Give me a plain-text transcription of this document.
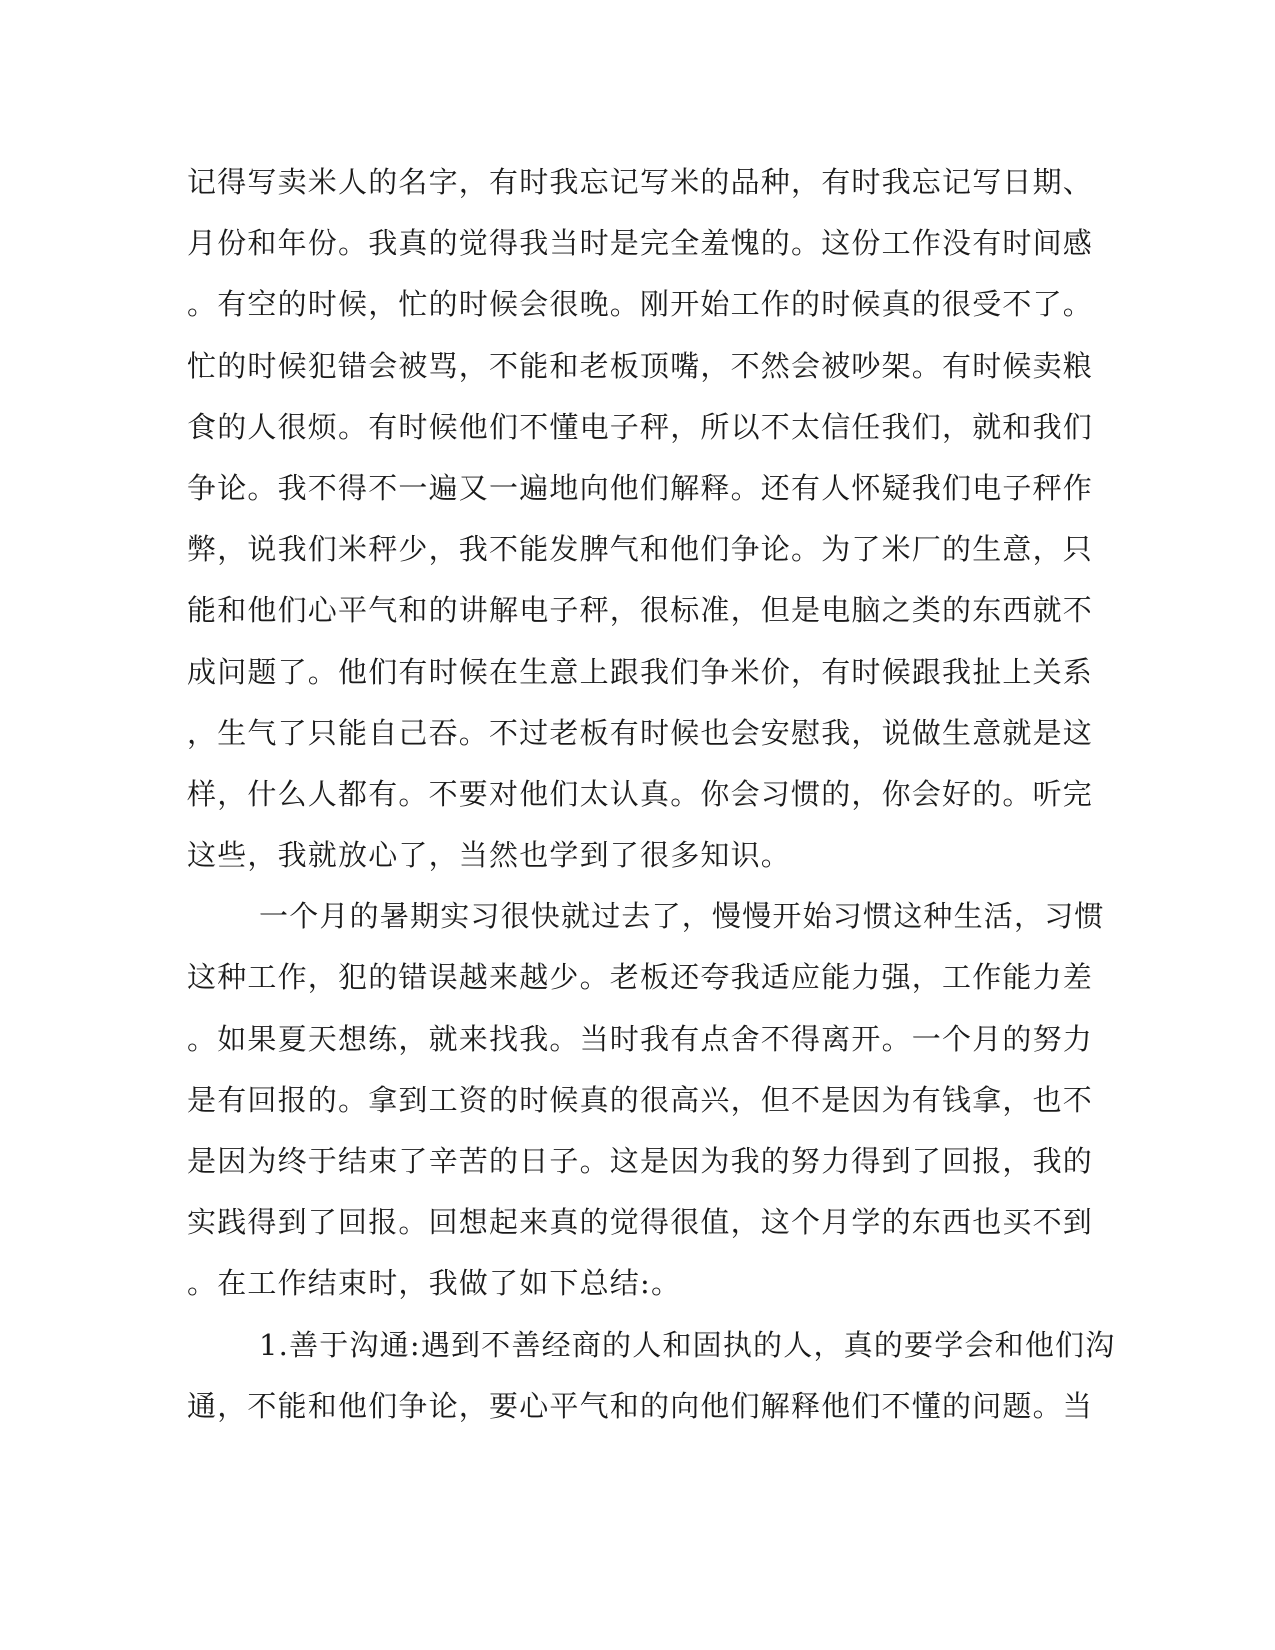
记得写卖米人的名字，有时我忘记写米的品种，有时我忘记写日期、
月份和年份。我真的觉得我当时是完全羞愧的。这份工作没有时间感
。有空的时候，忙的时候会很晚。刚开始工作的时候真的很受不了。
忙的时候犯错会被骂，不能和老板顶嘴，不然会被吵架。有时候卖粮
食的人很烦。有时候他们不懂电子秤，所以不太信任我们，就和我们
争论。我不得不一遍又一遍地向他们解释。还有人怀疑我们电子秤作
弊，说我们米秤少，我不能发脾气和他们争论。为了米厂的生意，只
能和他们心平气和的讲解电子秤，很标准，但是电脑之类的东西就不
成问题了。他们有时候在生意上跟我们争米价，有时候跟我扯上关系
，生气了只能自己吞。不过老板有时候也会安慰我，说做生意就是这
样，什么人都有。不要对他们太认真。你会习惯的，你会好的。听完
这些，我就放心了，当然也学到了很多知识。
一个月的暑期实习很快就过去了，慢慢开始习惯这种生活，习惯
这种工作，犯的错误越来越少。老板还夸我适应能力强，工作能力差
。如果夏天想练，就来找我。当时我有点舍不得离开。一个月的努力
是有回报的。拿到工资的时候真的很高兴，但不是因为有钱拿，也不
是因为终于结束了辛苦的日子。这是因为我的努力得到了回报，我的
实践得到了回报。回想起来真的觉得很值，这个月学的东西也买不到
。在工作结束时，我做了如下总结:。
1.善于沟通:遇到不善经商的人和固执的人，真的要学会和他们沟
通，不能和他们争论，要心平气和的向他们解释他们不懂的问题。当
